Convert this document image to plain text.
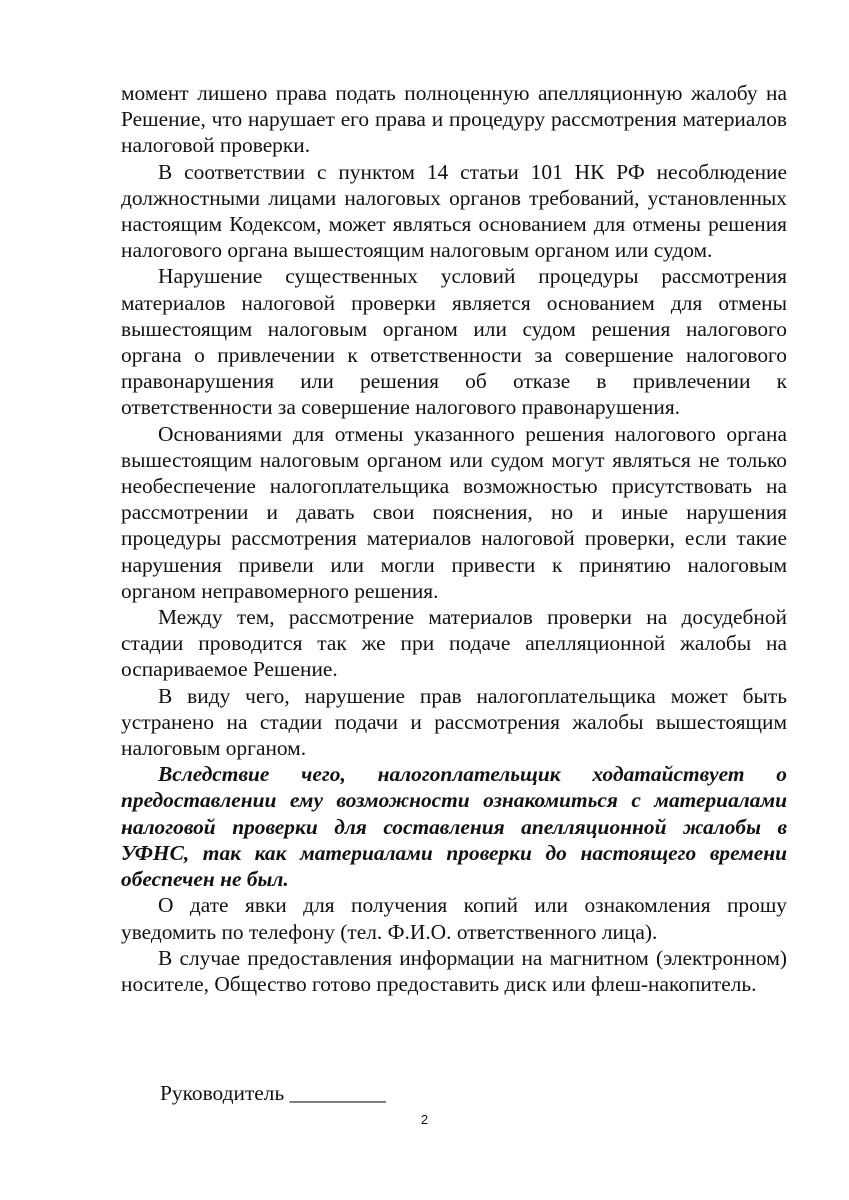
момент лишено права подать полноценную апелляционную жалобу на Решение, что нарушает его права и процедуру рассмотрения материалов налоговой проверки.

В соответствии с пунктом 14 статьи 101 НК РФ несоблюдение должностными лицами налоговых органов требований, установленных настоящим Кодексом, может являться основанием для отмены решения налогового органа вышестоящим налоговым органом или судом.

Нарушение существенных условий процедуры рассмотрения материалов налоговой проверки является основанием для отмены вышестоящим налоговым органом или судом решения налогового органа о привлечении к ответственности за совершение налогового правонарушения или решения об отказе в привлечении к ответственности за совершение налогового правонарушения.

Основаниями для отмены указанного решения налогового органа вышестоящим налоговым органом или судом могут являться не только необеспечение налогоплательщика возможностью присутствовать на рассмотрении и давать свои пояснения, но и иные нарушения процедуры рассмотрения материалов налоговой проверки, если такие нарушения привели или могли привести к принятию налоговым органом неправомерного решения.

Между тем, рассмотрение материалов проверки на досудебной стадии проводится так же при подаче апелляционной жалобы на оспариваемое Решение.

В виду чего, нарушение прав налогоплательщика может быть устранено на стадии подачи и рассмотрения жалобы вышестоящим налоговым органом.

Вследствие чего, налогоплательщик ходатайствует о предоставлении ему возможности ознакомиться с материалами налоговой проверки для составления апелляционной жалобы в УФНС, так как материалами проверки до настоящего времени обеспечен не был.

О дате явки для получения копий или ознакомления прошу уведомить по телефону (тел. Ф.И.О. ответственного лица).

В случае предоставления информации на магнитном (электронном) носителе, Общество готово предоставить диск или флеш-накопитель.

Руководитель _________
2
